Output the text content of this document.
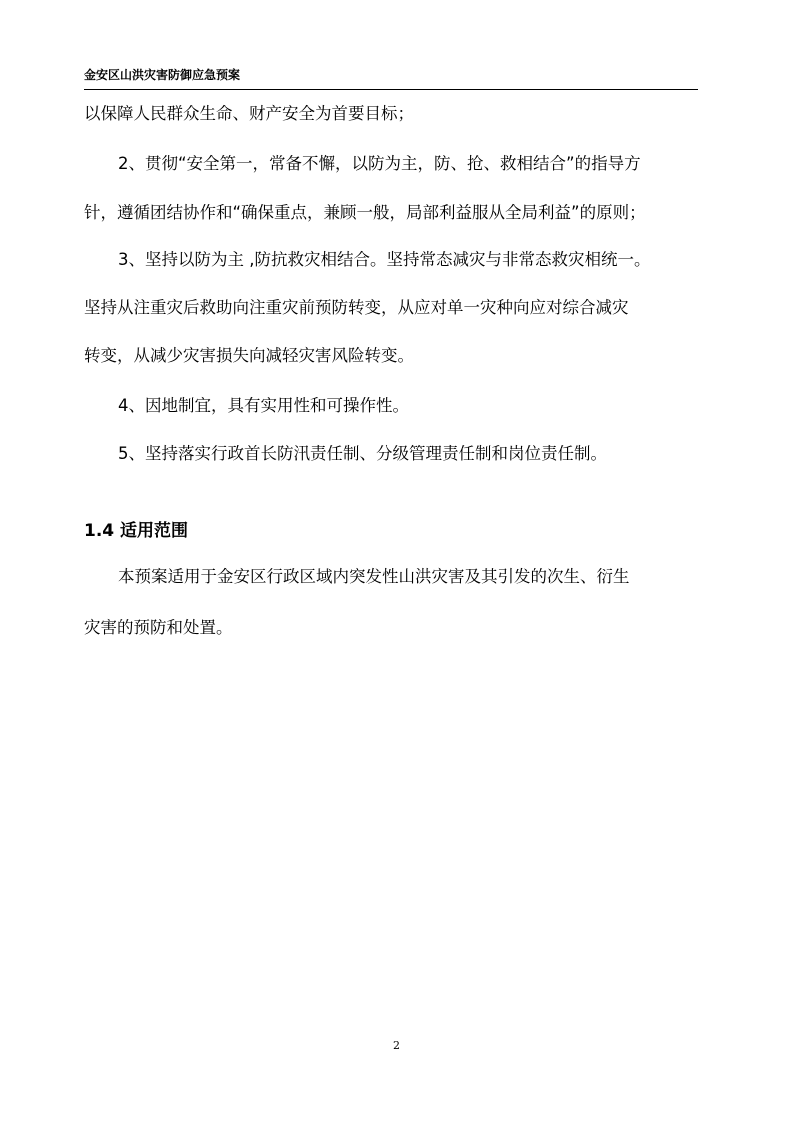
金安区山洪灾害防御应急预案
以保障人民群众生命、财产安全为首要目标；
2、贯彻“安全第一，常备不懈，以防为主，防、抢、救相结合”的指导方
针，遵循团结协作和“确保重点，兼顾一般，局部利益服从全局利益”的原则；
3、坚持以防为主 ,防抗救灾相结合。坚持常态减灾与非常态救灾相统一。
坚持从注重灾后救助向注重灾前预防转变，从应对单一灾种向应对综合减灾
转变，从减少灾害损失向减轻灾害风险转变。
4、因地制宜，具有实用性和可操作性。
5、坚持落实行政首长防汛责任制、分级管理责任制和岗位责任制。
1.4 适用范围
本预案适用于金安区行政区域内突发性山洪灾害及其引发的次生、衍生
灾害的预防和处置。
2
